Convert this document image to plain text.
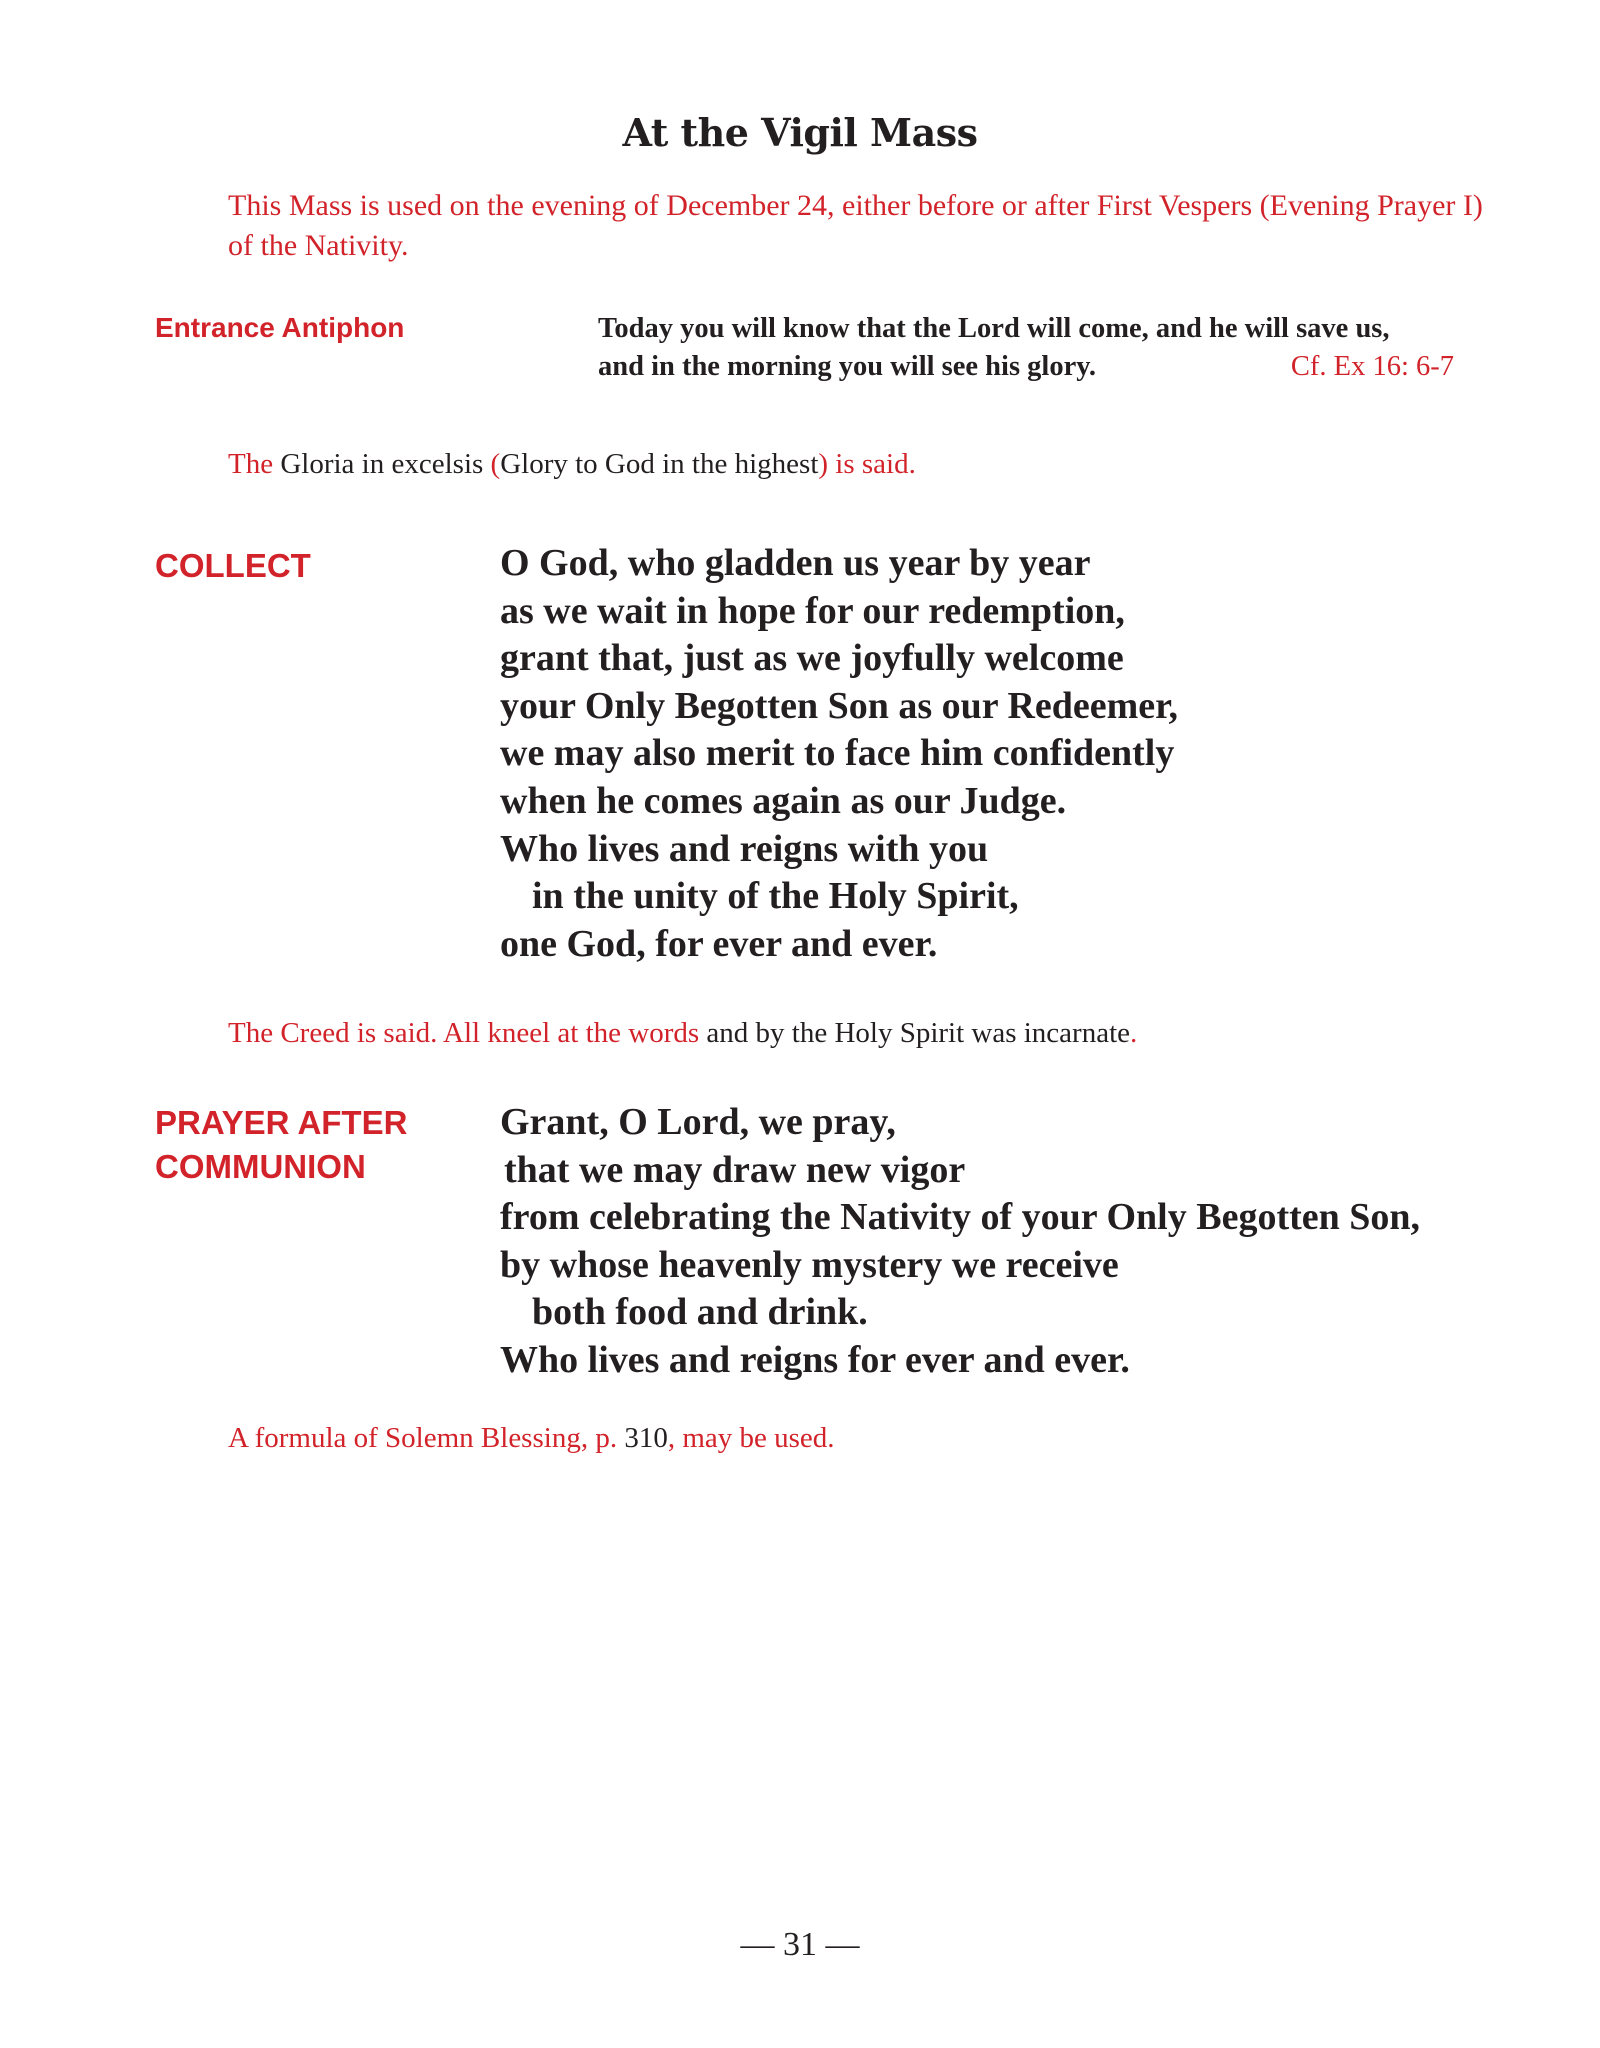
At the Vigil Mass
This Mass is used on the evening of December 24, either before or after First Vespers (Evening Prayer I) of the Nativity.
Entrance Antiphon	Today you will know that the Lord will come, and he will save us,
and in the morning you will see his glory.	Cf. Ex 16: 6-7
The Gloria in excelsis (Glory to God in the highest) is said.
COLLECT	O God, who gladden us year by year
as we wait in hope for our redemption,
grant that, just as we joyfully welcome
your Only Begotten Son as our Redeemer,
we may also merit to face him confidently
when he comes again as our Judge.
Who lives and reigns with you
in the unity of the Holy Spirit,
one God, for ever and ever.
The Creed is said. All kneel at the words and by the Holy Spirit was incarnate.
PRAYER AFTER
COMMUNION
Grant, O Lord, we pray,
that we may draw new vigor
from celebrating the Nativity of your Only Begotten Son,
by whose heavenly mystery we receive
both food and drink.
Who lives and reigns for ever and ever.
A formula of Solemn Blessing, p. 310, may be used.
— 31 —
